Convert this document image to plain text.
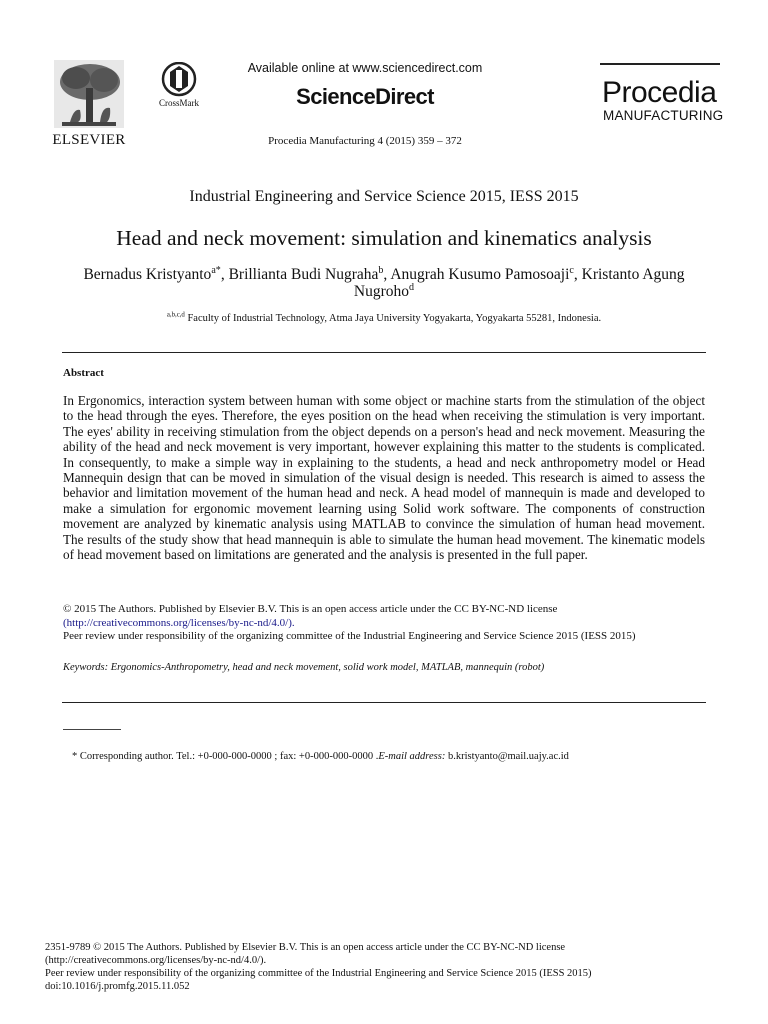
ELSEVIER
CrossMark
Available online at www.sciencedirect.com
ScienceDirect
Procedia Manufacturing 4 (2015) 359 – 372
Procedia
MANUFACTURING
Industrial Engineering and Service Science 2015, IESS 2015
Head and neck movement: simulation and kinematics analysis
Bernadus Kristyanto$^{a*}$, Brillianta Budi Nugraha$^b$, Anugrah Kusumo Pamosoaji$^c$, Kristanto Agung Nugroho$^d$
$^{a,b,c,d}$ Faculty of Industrial Technology, Atma Jaya University Yogyakarta, Yogyakarta 55281, Indonesia.
Abstract
In Ergonomics, interaction system between human with some object or machine starts from the stimulation of the object to the head through the eyes. Therefore, the eyes position on the head when receiving the stimulation is very important. The eyes' ability in receiving stimulation from the object depends on a person's head and neck movement. Measuring the ability of the head and neck movement is very important, however explaining this matter to the students is complicated. In consequently, to make a simple way in explaining to the students, a head and neck anthropometry model or Head Mannequin design that can be moved in simulation of the visual design is needed. This research is aimed to assess the behavior and limitation movement of the human head and neck. A head model of mannequin is made and developed to make a simulation for ergonomic movement learning using Solid work software. The components of construction movement are analyzed by kinematic analysis using MATLAB to convince the simulation of human head movement. The results of the study show that head mannequin is able to simulate the human head movement. The kinematic models of head movement based on limitations are generated and the analysis is presented in the full paper.
© 2015 The Authors. Published by Elsevier B.V. This is an open access article under the CC BY-NC-ND license
(http://creativecommons.org/licenses/by-nc-nd/4.0/).
Peer review under responsibility of the organizing committee of the Industrial Engineering and Service Science 2015 (IESS 2015)
Keywords: Ergonomics-Anthropometry, head and neck movement, solid work model, MATLAB, mannequin (robot)
* Corresponding author. Tel.: +0-000-000-0000 ; fax: +0-000-000-0000 .E-mail address: b.kristyanto@mail.uajy.ac.id
2351-9789 © 2015 The Authors. Published by Elsevier B.V. This is an open access article under the CC BY-NC-ND license
(http://creativecommons.org/licenses/by-nc-nd/4.0/).
Peer review under responsibility of the organizing committee of the Industrial Engineering and Service Science 2015 (IESS 2015)
doi:10.1016/j.promfg.2015.11.052
